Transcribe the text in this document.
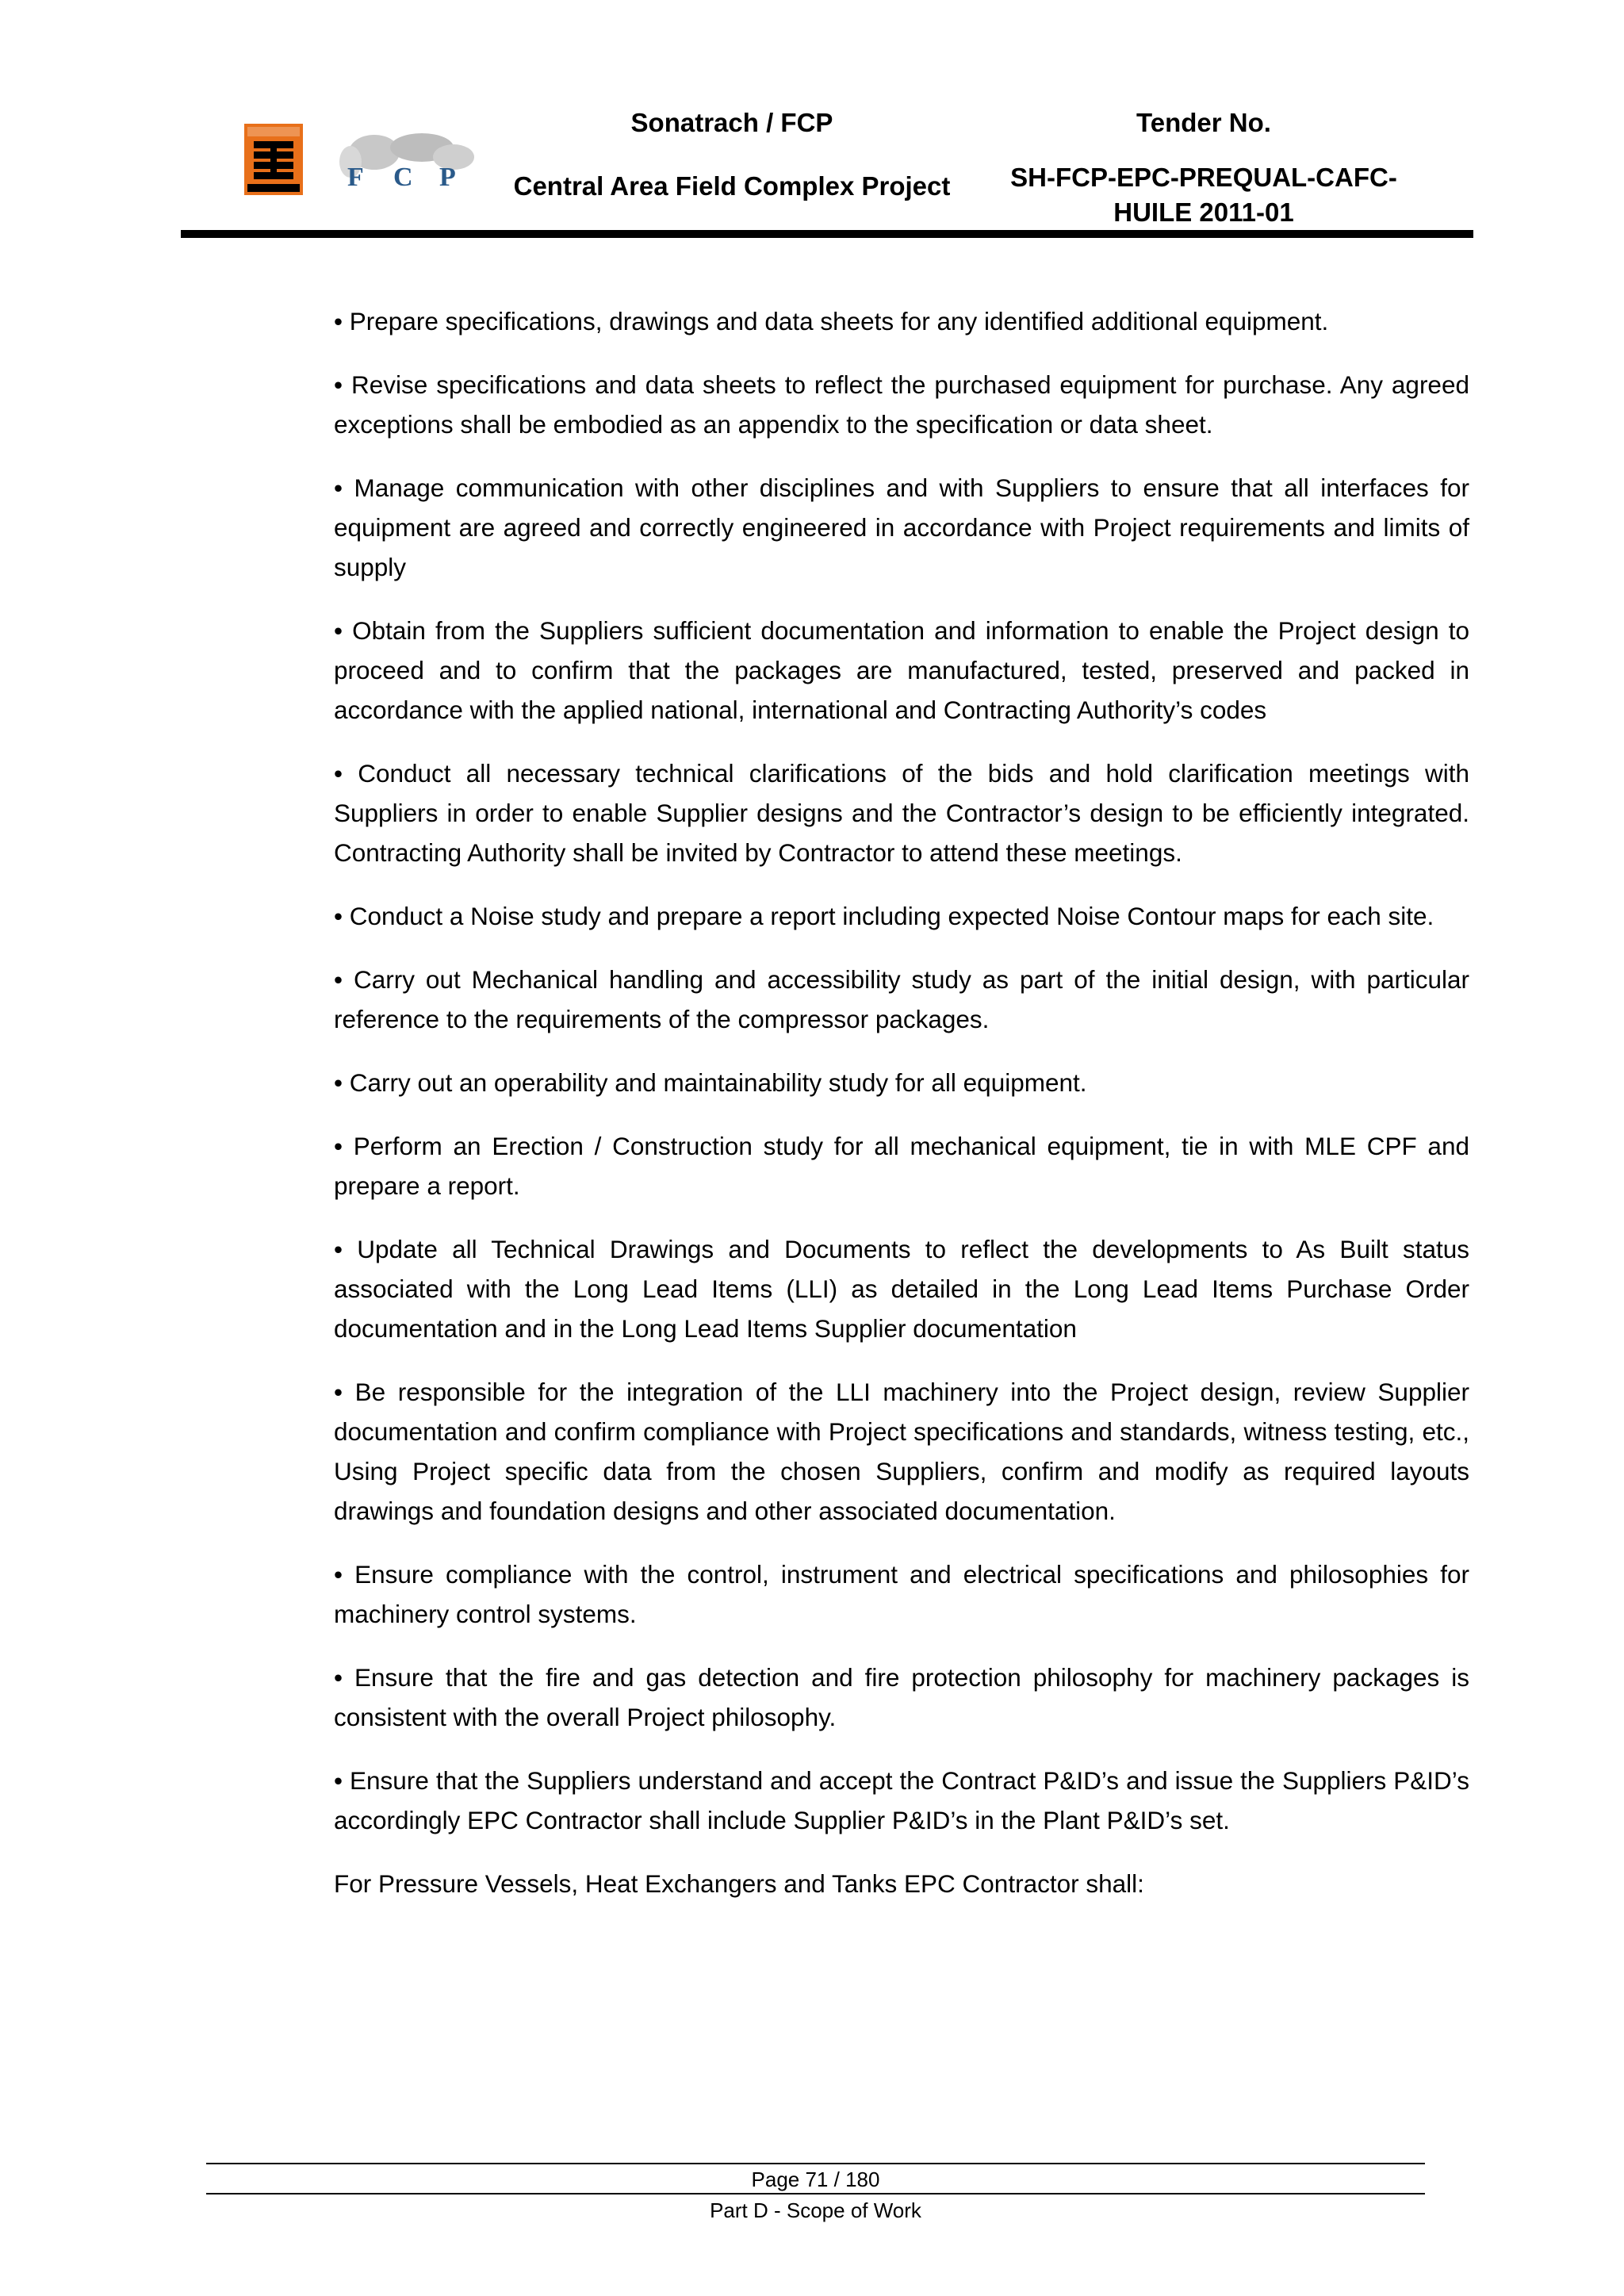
F C P
Sonatrach / FCP
Central Area Field Complex Project
Tender No.
SH-FCP-EPC-PREQUAL-CAFC-
HUILE 2011-01

• Prepare specifications, drawings and data sheets for any identified additional equipment.

• Revise specifications and data sheets to reflect the purchased equipment for purchase. Any agreed exceptions shall be embodied as an appendix to the specification or data sheet.

• Manage communication with other disciplines and with Suppliers to ensure that all interfaces for equipment are agreed and correctly engineered in accordance with Project requirements and limits of supply

• Obtain from the Suppliers sufficient documentation and information to enable the Project design to proceed and to confirm that the packages are manufactured, tested, preserved and packed in accordance with the applied national, international and Contracting Authority’s codes

• Conduct all necessary technical clarifications of the bids and hold clarification meetings with Suppliers in order to enable Supplier designs and the Contractor’s design to be efficiently integrated. Contracting Authority shall be invited by Contractor to attend these meetings.

• Conduct a Noise study and prepare a report including expected Noise Contour maps for each site.

• Carry out Mechanical handling and accessibility study as part of the initial design, with particular reference to the requirements of the compressor packages.

• Carry out an operability and maintainability study for all equipment.

• Perform an Erection / Construction study for all mechanical equipment, tie in with MLE CPF and prepare a report.

• Update all Technical Drawings and Documents to reflect the developments to As Built status associated with the Long Lead Items (LLI) as detailed in the Long Lead Items Purchase Order documentation and in the Long Lead Items Supplier documentation

• Be responsible for the integration of the LLI machinery into the Project design, review Supplier documentation and confirm compliance with Project specifications and standards, witness testing, etc., Using Project specific data from the chosen Suppliers, confirm and modify as required layouts drawings and foundation designs and other associated documentation.

• Ensure compliance with the control, instrument and electrical specifications and philosophies for machinery control systems.

• Ensure that the fire and gas detection and fire protection philosophy for machinery packages is consistent with the overall Project philosophy.

• Ensure that the Suppliers understand and accept the Contract P&ID’s and issue the Suppliers P&ID’s accordingly EPC Contractor shall include Supplier P&ID’s in the Plant P&ID’s set.

For Pressure Vessels, Heat Exchangers and Tanks EPC Contractor shall:

Page 71 / 180
Part D - Scope of Work
